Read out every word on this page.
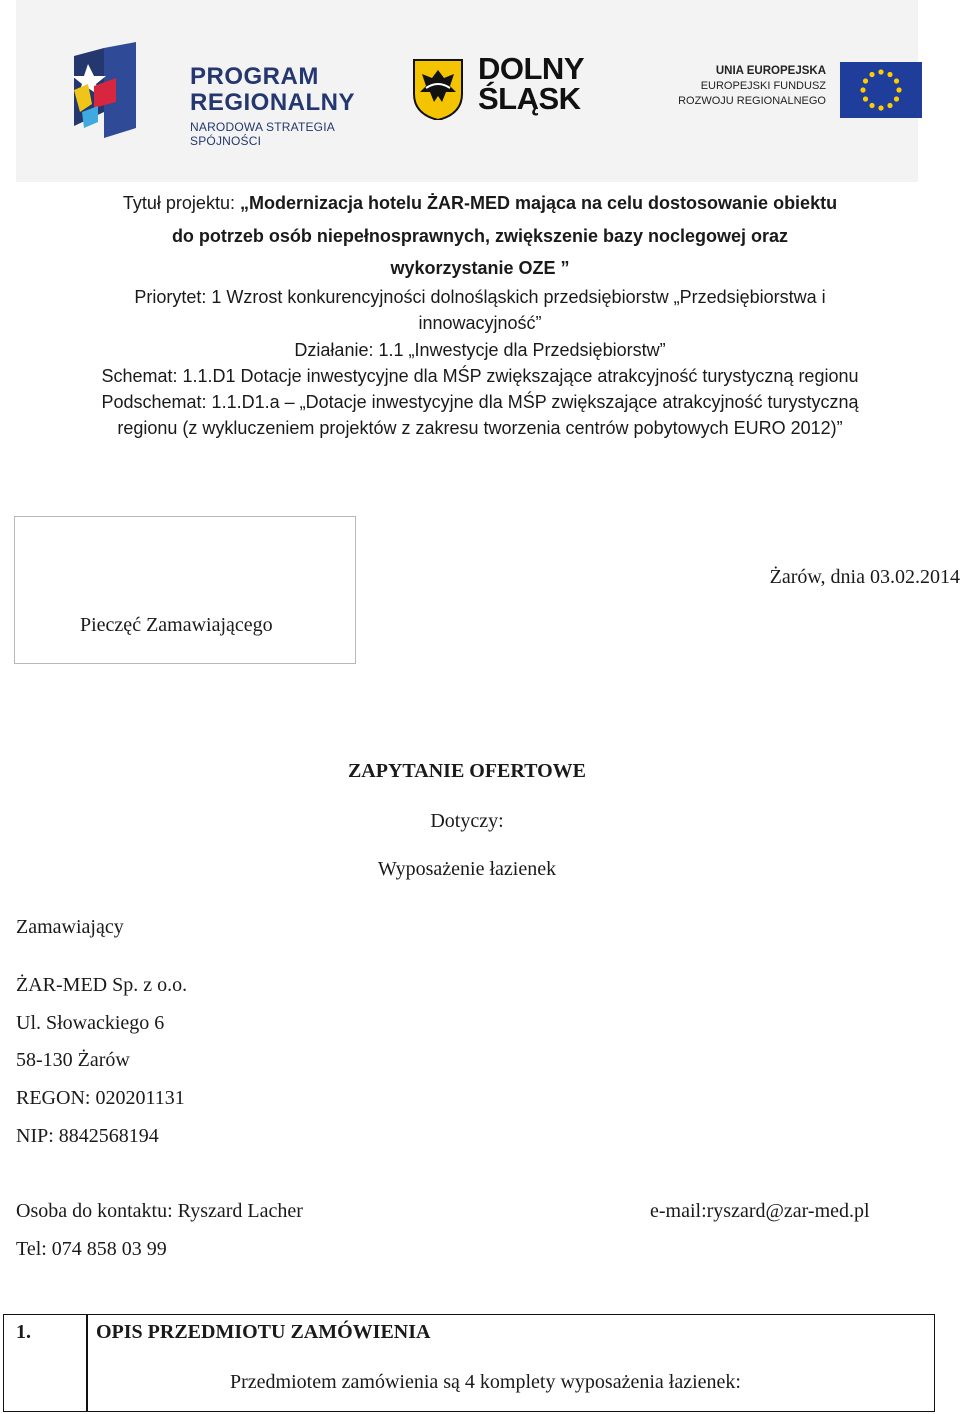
PROGRAM
REGIONALNY
NARODOWA STRATEGIA SPÓJNOŚCI
DOLNY
ŚLĄSK
UNIA EUROPEJSKA
EUROPEJSKI FUNDUSZ
ROZWOJU REGIONALNEGO
Tytuł projektu: „Modernizacja hotelu ŻAR-MED mająca na celu dostosowanie obiektu
do potrzeb osób niepełnosprawnych, zwiększenie bazy noclegowej oraz
wykorzystanie OZE ”
Priorytet: 1 Wzrost konkurencyjności dolnośląskich przedsiębiorstw „Przedsiębiorstwa i
innowacyjność”
Działanie: 1.1 „Inwestycje dla Przedsiębiorstw”
Schemat: 1.1.D1 Dotacje inwestycyjne dla MŚP zwiększające atrakcyjność turystyczną regionu
Podschemat: 1.1.D1.a – „Dotacje inwestycyjne dla MŚP zwiększające atrakcyjność turystyczną
regionu (z wykluczeniem projektów z zakresu tworzenia centrów pobytowych EURO 2012)”
Pieczęć Zamawiającego
Żarów, dnia 03.02.2014
ZAPYTANIE OFERTOWE
Dotyczy:
Wyposażenie łazienek
Zamawiający
ŻAR-MED Sp. z o.o.
Ul. Słowackiego 6
58-130 Żarów
REGON: 020201131
NIP: 8842568194
Osoba do kontaktu: Ryszard Lacher	e-mail:ryszard@zar-med.pl
Tel: 074 858 03 99
1.	OPIS PRZEDMIOTU ZAMÓWIENIA
Przedmiotem zamówienia są 4 komplety wyposażenia łazienek:
